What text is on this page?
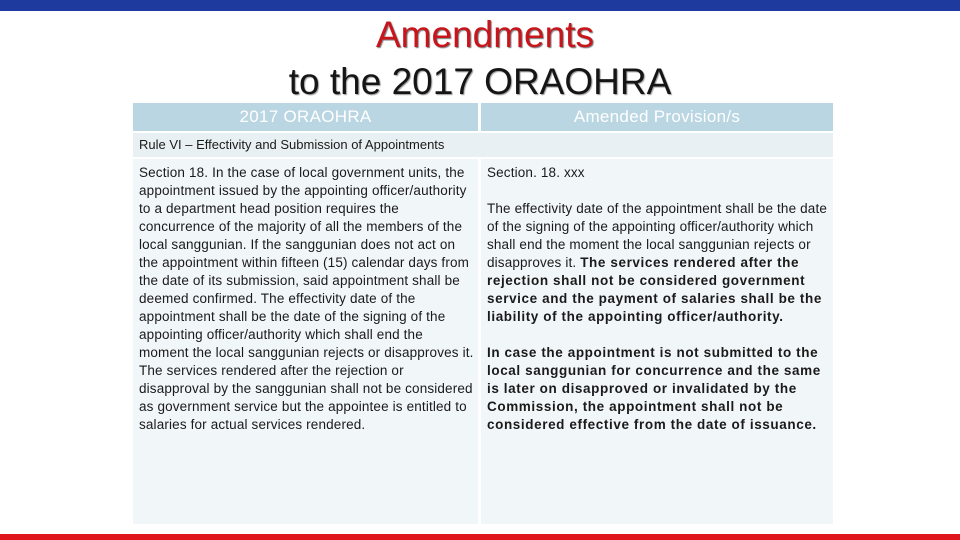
Amendments
to the 2017 ORAOHRA
2017 ORAOHRA	Amended Provision/s
Rule VI – Effectivity and Submission of Appointments

Section 18. In the case of local government units, the appointment issued by the appointing officer/authority to a department head position requires the concurrence of the majority of all the members of the local sanggunian. If the sanggunian does not act on the appointment within fifteen (15) calendar days from the date of its submission, said appointment shall be deemed confirmed. The effectivity date of the appointment shall be the date of the signing of the appointing officer/authority which shall end the moment the local sanggunian rejects or disapproves it. The services rendered after the rejection or disapproval by the sanggunian shall not be considered as government service but the appointee is entitled to salaries for actual services rendered.

Section. 18. xxx

The effectivity date of the appointment shall be the date of the signing of the appointing officer/authority which shall end the moment the local sanggunian rejects or disapproves it. The services rendered after the rejection shall not be considered government service and the payment of salaries shall be the liability of the appointing officer/authority.

In case the appointment is not submitted to the local sanggunian for concurrence and the same is later on disapproved or invalidated by the Commission, the appointment shall not be considered effective from the date of issuance.
